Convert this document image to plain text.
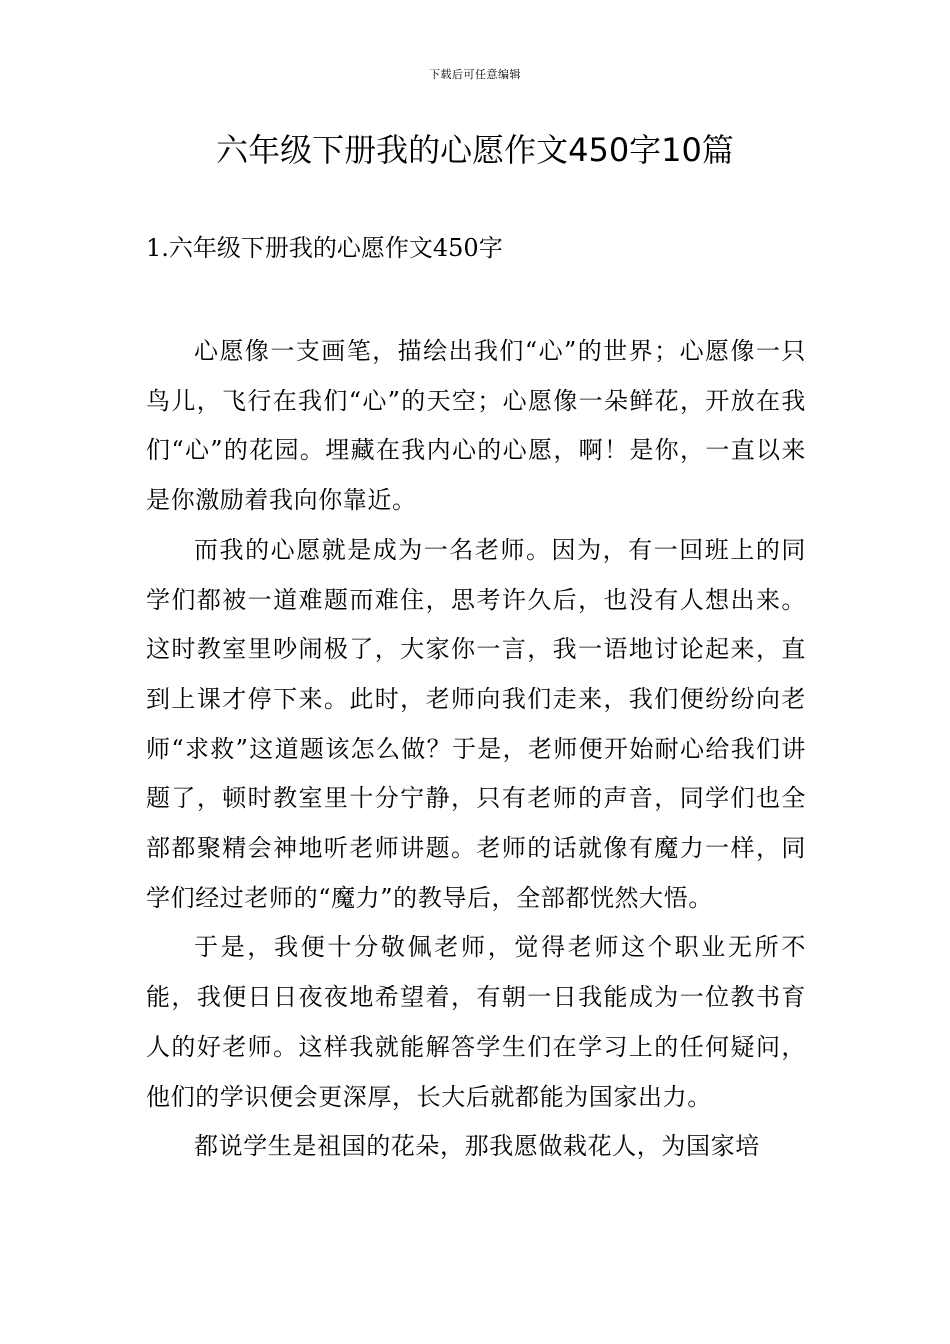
下载后可任意编辑
六年级下册我的心愿作文450字10篇
1.六年级下册我的心愿作文450字

心愿像一支画笔，描绘出我们“心”的世界；心愿像一只鸟儿，飞行在我们“心”的天空；心愿像一朵鲜花，开放在我们“心”的花园。埋藏在我内心的心愿，啊！是你，一直以来是你激励着我向你靠近。

而我的心愿就是成为一名老师。因为，有一回班上的同学们都被一道难题而难住，思考许久后，也没有人想出来。这时教室里吵闹极了，大家你一言，我一语地讨论起来，直到上课才停下来。此时，老师向我们走来，我们便纷纷向老师“求救”这道题该怎么做？于是，老师便开始耐心给我们讲题了，顿时教室里十分宁静，只有老师的声音，同学们也全部都聚精会神地听老师讲题。老师的话就像有魔力一样，同学们经过老师的“魔力”的教导后，全部都恍然大悟。

于是，我便十分敬佩老师，觉得老师这个职业无所不能，我便日日夜夜地希望着，有朝一日我能成为一位教书育人的好老师。这样我就能解答学生们在学习上的任何疑问，他们的学识便会更深厚，长大后就都能为国家出力。

都说学生是祖国的花朵，那我愿做栽花人，为国家培
